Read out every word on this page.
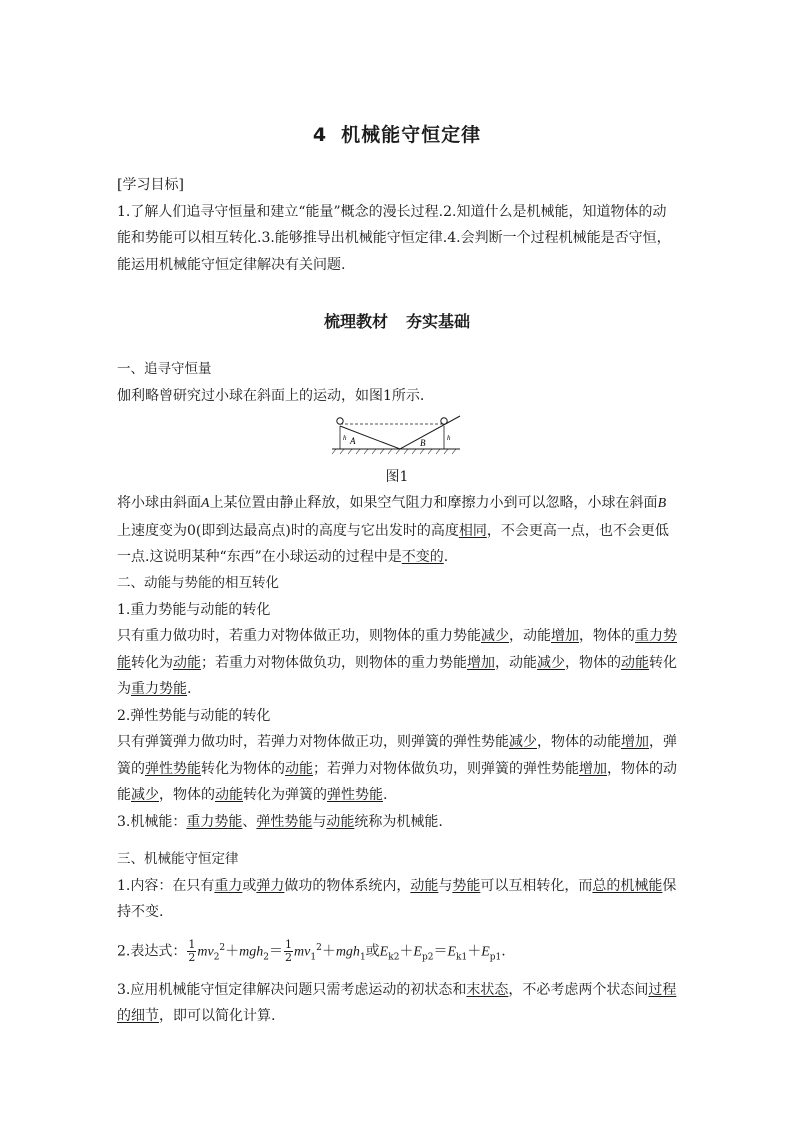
4 机械能守恒定律
[学习目标]
1.了解人们追寻守恒量和建立“能量”概念的漫长过程.2.知道什么是机械能，知道物体的动能和势能可以相互转化.3.能够推导出机械能守恒定律.4.会判断一个过程机械能是否守恒，能运用机械能守恒定律解决有关问题.
梳理教材 夯实基础
一、追寻守恒量
伽利略曾研究过小球在斜面上的运动，如图1所示.
A	B
h	h
图1
将小球由斜面A上某位置由静止释放，如果空气阻力和摩擦力小到可以忽略，小球在斜面B上速度变为0(即到达最高点)时的高度与它出发时的高度相同，不会更高一点，也不会更低一点.这说明某种“东西”在小球运动的过程中是不变的.
二、动能与势能的相互转化
1.重力势能与动能的转化
只有重力做功时，若重力对物体做正功，则物体的重力势能减少，动能增加，物体的重力势能转化为动能；若重力对物体做负功，则物体的重力势能增加，动能减少，物体的动能转化为重力势能.
2.弹性势能与动能的转化
只有弹簧弹力做功时，若弹力对物体做正功，则弹簧的弹性势能减少，物体的动能增加，弹簧的弹性势能转化为物体的动能；若弹力对物体做负功，则弹簧的弹性势能增加，物体的动能减少，物体的动能转化为弹簧的弹性势能.
3.机械能：重力势能、弹性势能与动能统称为机械能.
三、机械能守恒定律
1.内容：在只有重力或弹力做功的物体系统内，动能与势能可以互相转化，而总的机械能保持不变.
2.表达式： $\frac{1}{2} mv_2^2+mgh_2= \frac{1}{2} mv_1^2+mgh_1$或$E_{k2}+E_{p2}=E_{k1}+E_{p1}$.
3.应用机械能守恒定律解决问题只需考虑运动的初状态和末状态，不必考虑两个状态间过程的细节，即可以简化计算.
